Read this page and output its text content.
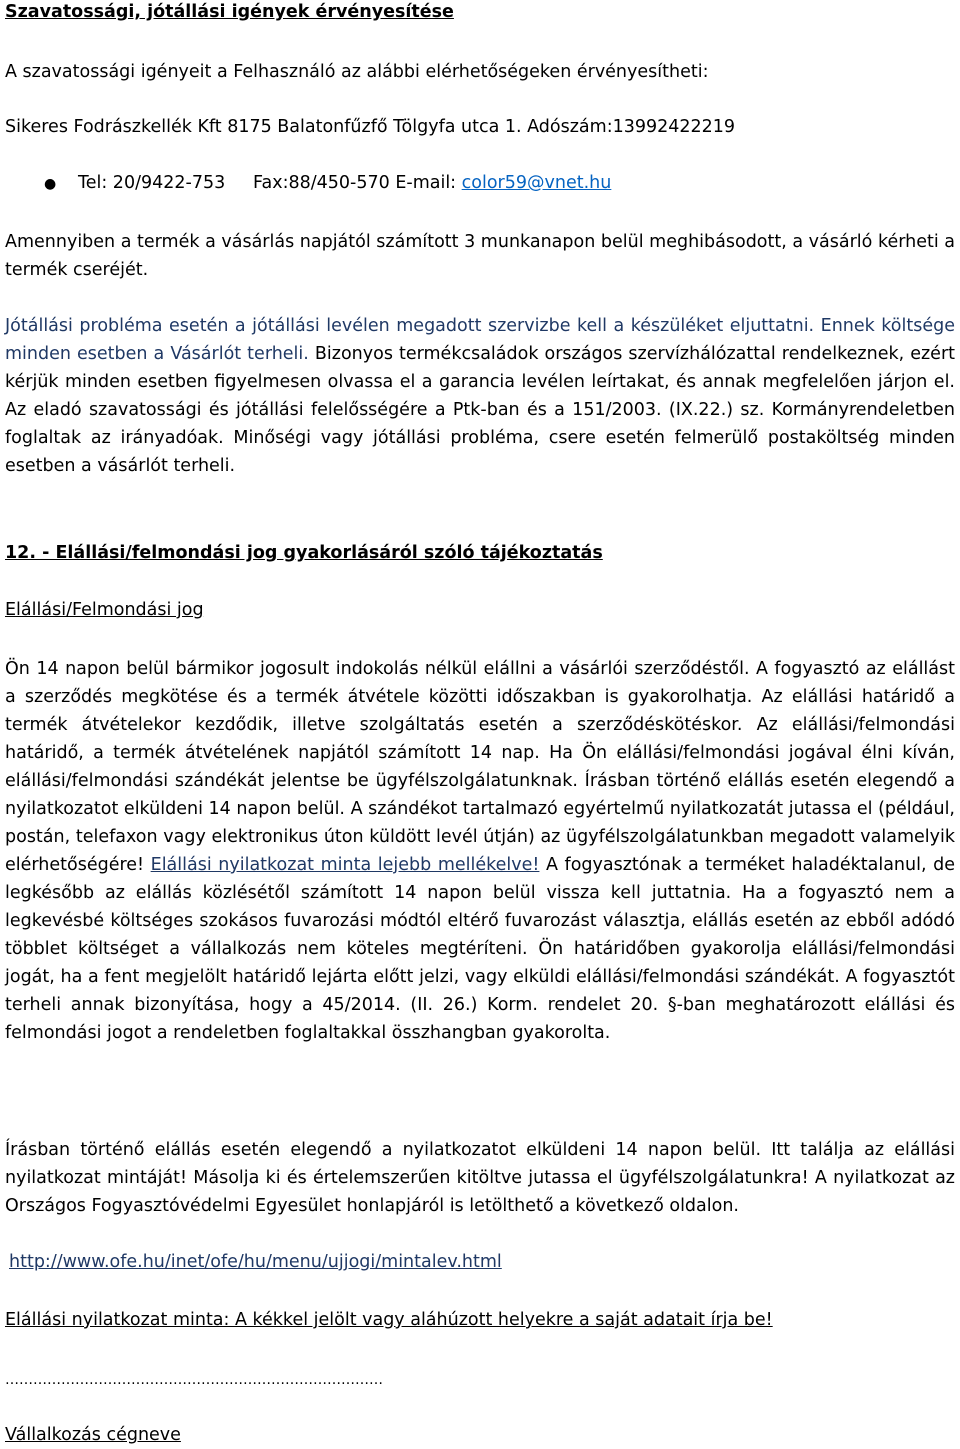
Szavatossági, jótállási igények érvényesítése

A szavatossági igényeit a Felhasználó az alábbi elérhetőségeken érvényesítheti:

Sikeres Fodrászkellék Kft 8175 Balatonfűzfő Tölgyfa utca 1. Adószám:13992422219

● Tel: 20/9422-753     Fax:88/450-570 E-mail: color59@vnet.hu

Amennyiben a termék a vásárlás napjától számított 3 munkanapon belül meghibásodott, a vásárló kérheti a termék cseréjét.

Jótállási probléma esetén a jótállási levélen megadott szervizbe kell a készüléket eljuttatni. Ennek költsége minden esetben a Vásárlót terheli. Bizonyos termékcsaládok országos szervízhálózattal rendelkeznek, ezért kérjük minden esetben figyelmesen olvassa el a garancia levélen leírtakat, és annak megfelelően járjon el. Az eladó szavatossági és jótállási felelősségére a Ptk-ban és a 151/2003. (IX.22.) sz. Kormányrendeletben foglaltak az irányadóak. Minőségi vagy jótállási probléma, csere esetén felmerülő postaköltség minden esetben a vásárlót terheli.

12. - Elállási/felmondási jog gyakorlásáról szóló tájékoztatás

Elállási/Felmondási jog

Ön 14 napon belül bármikor jogosult indokolás nélkül elállni a vásárlói szerződéstől. A fogyasztó az elállást a szerződés megkötése és a termék átvétele közötti időszakban is gyakorolhatja. Az elállási határidő a termék átvételekor kezdődik, illetve szolgáltatás esetén a szerződéskötéskor. Az elállási/felmondási határidő, a termék átvételének napjától számított 14 nap. Ha Ön elállási/felmondási jogával élni kíván, elállási/felmondási szándékát jelentse be ügyfélszolgálatunknak. Írásban történő elállás esetén elegendő a nyilatkozatot elküldeni 14 napon belül. A szándékot tartalmazó egyértelmű nyilatkozatát jutassa el (például, postán, telefaxon vagy elektronikus úton küldött levél útján) az ügyfélszolgálatunkban megadott valamelyik elérhetőségére! Elállási nyilatkozat minta lejebb mellékelve! A fogyasztónak a terméket haladéktalanul, de legkésőbb az elállás közlésétől számított 14 napon belül vissza kell juttatnia. Ha a fogyasztó nem a legkevésbé költséges szokásos fuvarozási módtól eltérő fuvarozást választja, elállás esetén az ebből adódó többlet költséget a vállalkozás nem köteles megtéríteni. Ön határidőben gyakorolja elállási/felmondási jogát, ha a fent megjelölt határidő lejárta előtt jelzi, vagy elküldi elállási/felmondási szándékát. A fogyasztót terheli annak bizonyítása, hogy a 45/2014. (II. 26.) Korm. rendelet 20. §-ban meghatározott elállási és felmondási jogot a rendeletben foglaltakkal összhangban gyakorolta.

Írásban történő elállás esetén elegendő a nyilatkozatot elküldeni 14 napon belül. Itt találja az elállási nyilatkozat mintáját! Másolja ki és értelemszerűen kitöltve jutassa el ügyfélszolgálatunkra! A nyilatkozat az Országos Fogyasztóvédelmi Egyesület honlapjáról is letölthető a következő oldalon.

http://www.ofe.hu/inet/ofe/hu/menu/ujjogi/mintalev.html

Elállási nyilatkozat minta: A kékkel jelölt vagy aláhúzott helyekre a saját adatait írja be!

………………………………………………………………………

Vállalkozás cégneve
